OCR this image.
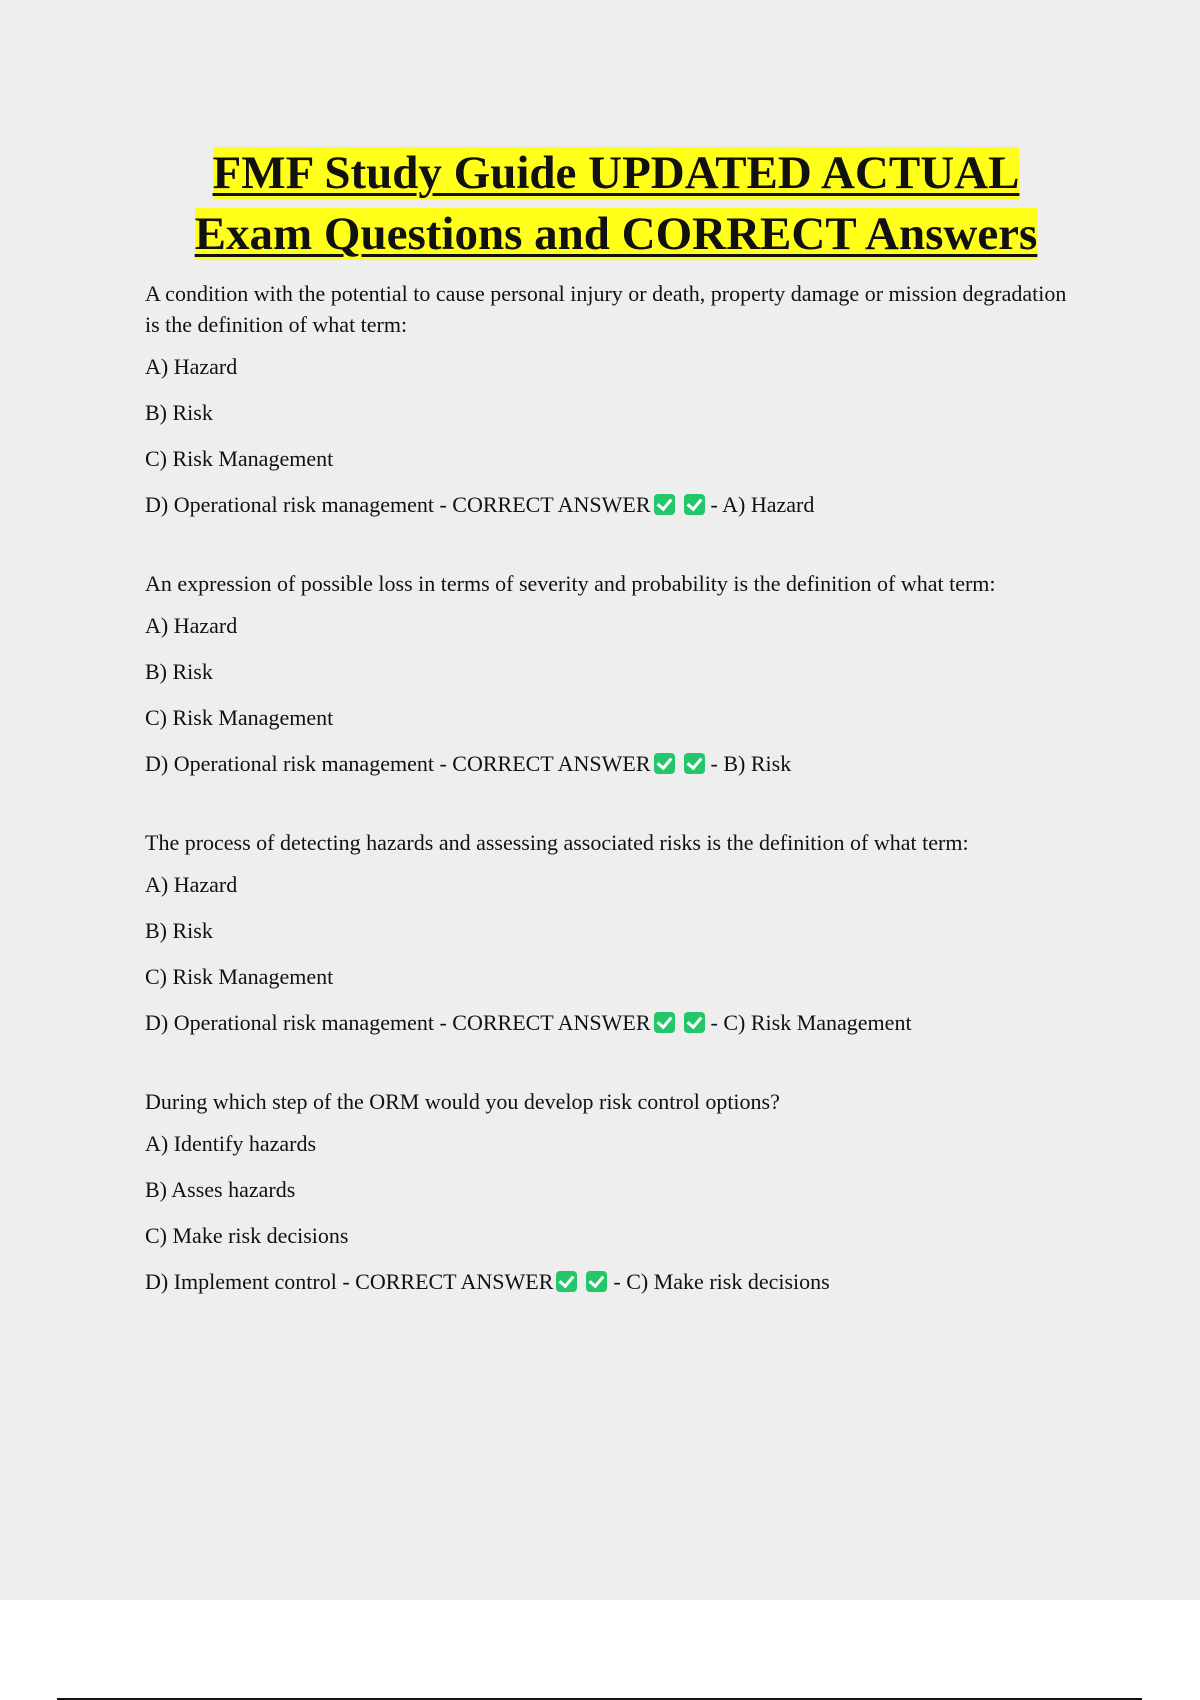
FMF Study Guide UPDATED ACTUAL
Exam Questions and CORRECT Answers

A condition with the potential to cause personal injury or death, property damage or mission degradation is the definition of what term:

A) Hazard

B) Risk

C) Risk Management

D) Operational risk management - CORRECT ANSWER	- A) Hazard

An expression of possible loss in terms of severity and probability is the definition of what term:

A) Hazard

B) Risk

C) Risk Management

D) Operational risk management - CORRECT ANSWER	- B) Risk

The process of detecting hazards and assessing associated risks is the definition of what term:

A) Hazard

B) Risk

C) Risk Management

D) Operational risk management - CORRECT ANSWER	- C) Risk Management

During which step of the ORM would you develop risk control options?

A) Identify hazards

B) Asses hazards

C) Make risk decisions

D) Implement control - CORRECT ANSWER	- C) Make risk decisions
